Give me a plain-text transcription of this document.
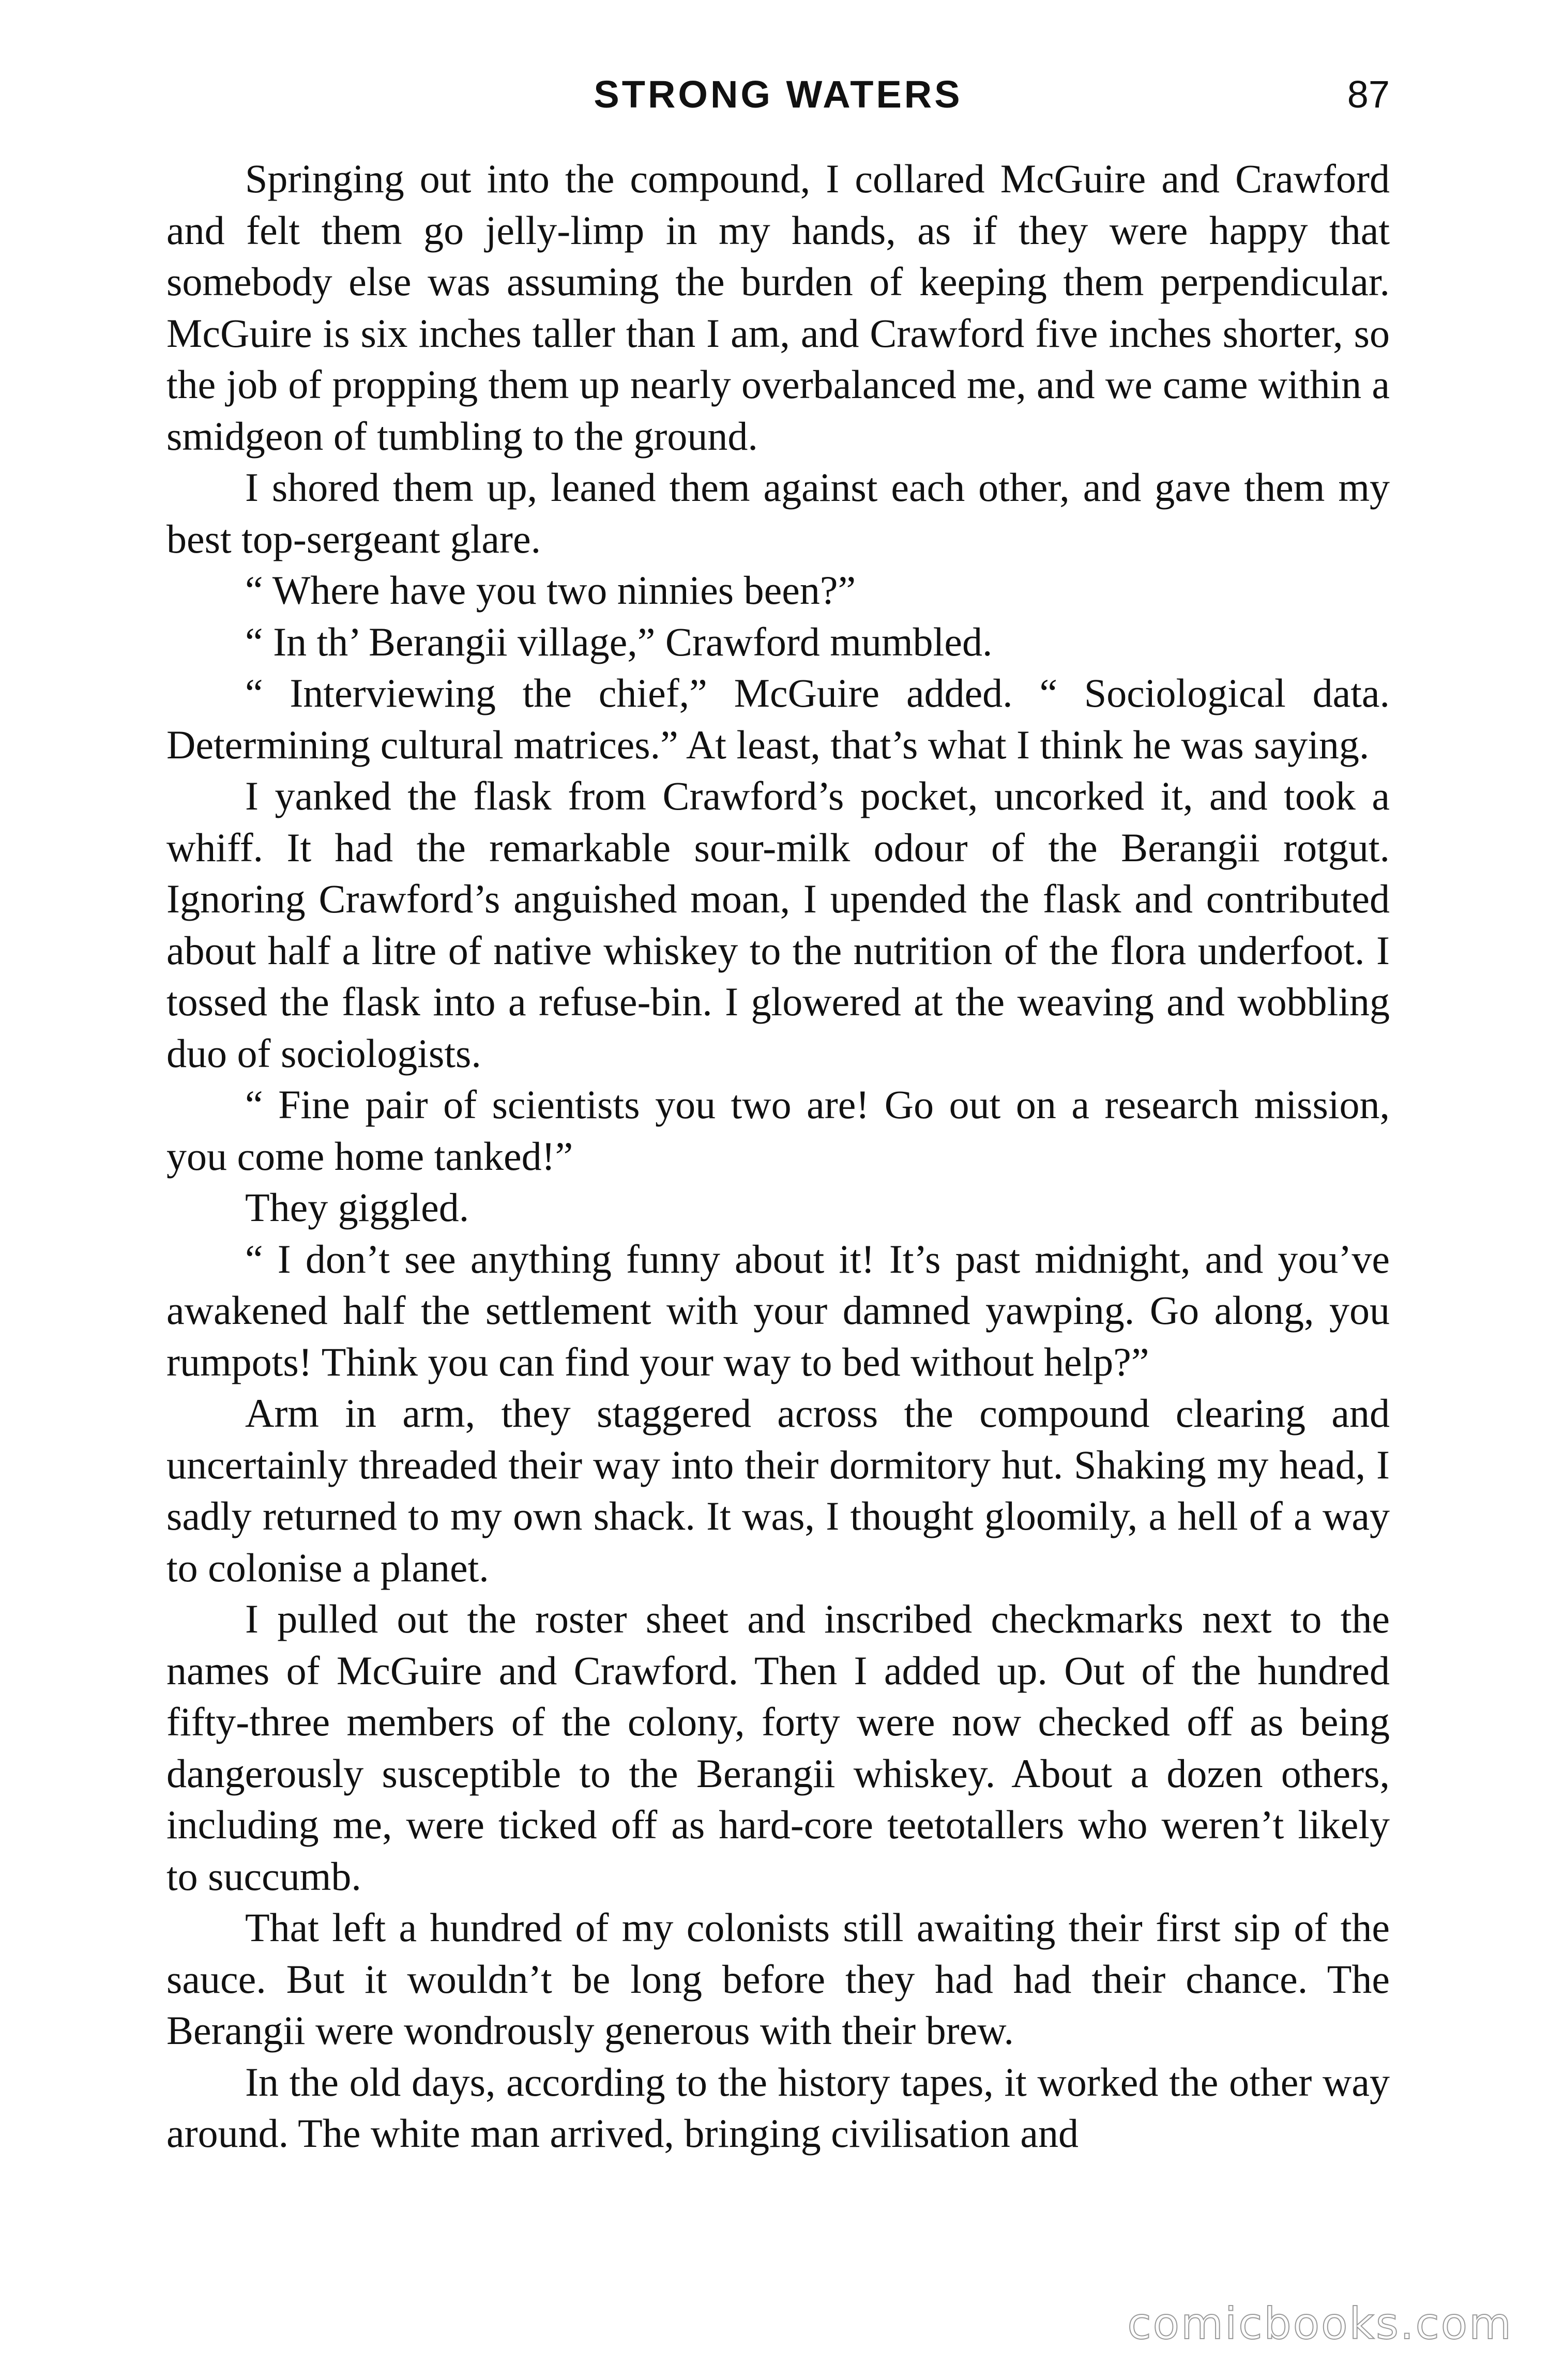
STRONG WATERS	87

Springing out into the compound, I collared McGuire and Crawford and felt them go jelly-limp in my hands, as if they were happy that somebody else was assuming the burden of keeping them perpendicular. McGuire is six inches taller than I am, and Crawford five inches shorter, so the job of propping them up nearly overbalanced me, and we came within a smidgeon of tumbling to the ground.

I shored them up, leaned them against each other, and gave them my best top-sergeant glare.

“ Where have you two ninnies been?”

“ In th’ Berangii village,” Crawford mumbled.

“ Interviewing the chief,” McGuire added. “ Sociological data. Determining cultural matrices.” At least, that’s what I think he was saying.

I yanked the flask from Crawford’s pocket, uncorked it, and took a whiff. It had the remarkable sour-milk odour of the Berangii rotgut. Ignoring Crawford’s anguished moan, I upended the flask and contributed about half a litre of native whiskey to the nutrition of the flora underfoot. I tossed the flask into a refuse-bin. I glowered at the weaving and wobbling duo of sociologists.

“ Fine pair of scientists you two are! Go out on a research mission, you come home tanked!”

They giggled.

“ I don’t see anything funny about it! It’s past midnight, and you’ve awakened half the settlement with your damned yawping. Go along, you rumpots! Think you can find your way to bed without help?”

Arm in arm, they staggered across the compound clearing and uncertainly threaded their way into their dormitory hut. Shaking my head, I sadly returned to my own shack. It was, I thought gloomily, a hell of a way to colonise a planet.

I pulled out the roster sheet and inscribed checkmarks next to the names of McGuire and Crawford. Then I added up. Out of the hundred fifty-three members of the colony, forty were now checked off as being dangerously susceptible to the Berangii whiskey. About a dozen others, including me, were ticked off as hard-core teetotallers who weren’t likely to succumb.

That left a hundred of my colonists still awaiting their first sip of the sauce. But it wouldn’t be long before they had had their chance. The Berangii were wondrously generous with their brew.

In the old days, according to the history tapes, it worked the other way around. The white man arrived, bringing civilisation and

comicbooks.com
